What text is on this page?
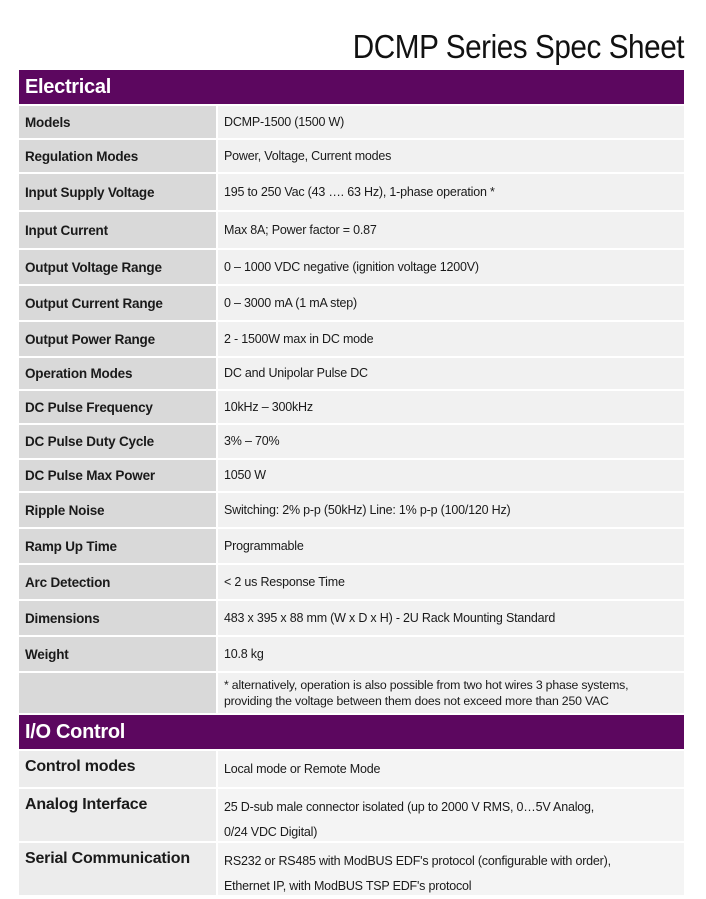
DCMP Series Spec Sheet
Electrical
Models	DCMP-1500 (1500 W)
Regulation Modes	Power, Voltage, Current modes
Input Supply Voltage	195 to 250 Vac (43 …. 63 Hz), 1-phase operation *
Input Current	Max 8A; Power factor = 0.87
Output Voltage Range	0 – 1000 VDC negative (ignition voltage 1200V)
Output Current Range	0 – 3000 mA (1 mA step)
Output Power Range	2 - 1500W max in DC mode
Operation Modes	DC and Unipolar Pulse DC
DC Pulse Frequency	10kHz – 300kHz
DC Pulse Duty Cycle	3% – 70%
DC Pulse Max Power	1050 W
Ripple Noise	Switching: 2% p-p (50kHz) Line: 1% p-p (100/120 Hz)
Ramp Up Time	Programmable
Arc Detection	< 2 us Response Time
Dimensions	483 x 395 x 88 mm (W x D x H) - 2U Rack Mounting Standard
Weight	10.8 kg
* alternatively, operation is also possible from two hot wires 3 phase systems, providing the voltage between them does not exceed more than 250 VAC
I/O Control
Control modes	Local mode or Remote Mode
Analog Interface	25 D-sub male connector isolated (up to 2000 V RMS, 0…5V Analog,
0/24 VDC Digital)
Serial Communication	RS232 or RS485 with ModBUS EDF's protocol (configurable with order),
Ethernet IP, with ModBUS TSP EDF's protocol
